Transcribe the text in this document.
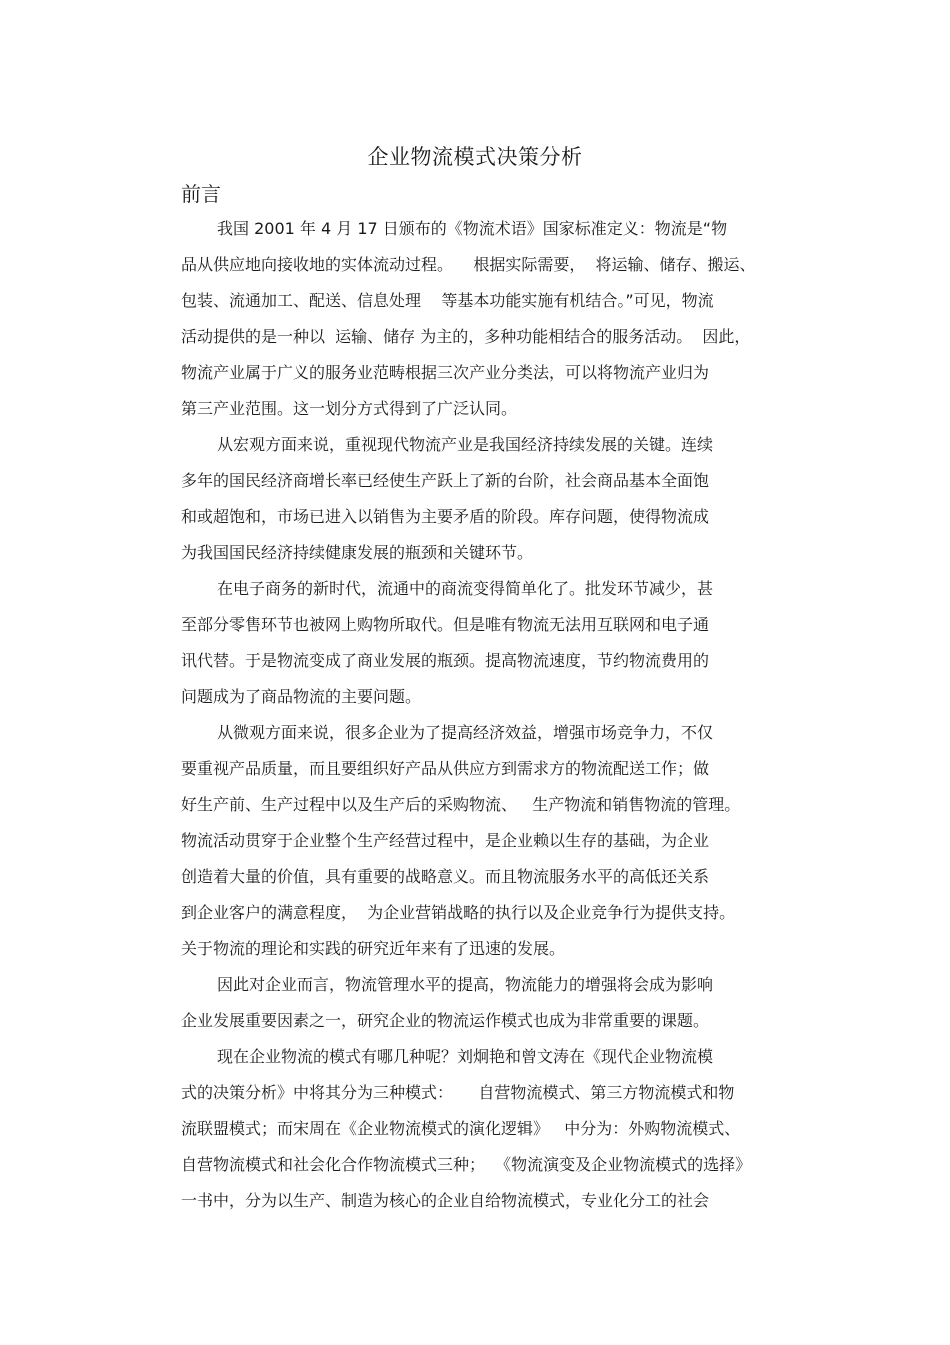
企业物流模式决策分析
前言
我国 2001 年 4 月 17 日颁布的《物流术语》国家标准定义：物流是“物
品从供应地向接收地的实体流动过程。    根据实际需要，  将运输、储存、搬运、
包装、流通加工、配送、信息处理    等基本功能实施有机结合。”可见，物流
活动提供的是一种以  运输、储存 为主的，多种功能相结合的服务活动。  因此，
物流产业属于广义的服务业范畴根据三次产业分类法，可以将物流产业归为
第三产业范围。这一划分方式得到了广泛认同。
从宏观方面来说，重视现代物流产业是我国经济持续发展的关键。连续
多年的国民经济商增长率已经使生产跃上了新的台阶，社会商品基本全面饱
和或超饱和，市场已进入以销售为主要矛盾的阶段。库存问题，使得物流成
为我国国民经济持续健康发展的瓶颈和关键环节。
在电子商务的新时代，流通中的商流变得简单化了。批发环节减少，甚
至部分零售环节也被网上购物所取代。但是唯有物流无法用互联网和电子通
讯代替。于是物流变成了商业发展的瓶颈。提高物流速度，节约物流费用的
问题成为了商品物流的主要问题。
从微观方面来说，很多企业为了提高经济效益，增强市场竞争力，不仅
要重视产品质量，而且要组织好产品从供应方到需求方的物流配送工作；做
好生产前、生产过程中以及生产后的采购物流、   生产物流和销售物流的管理。
物流活动贯穿于企业整个生产经营过程中，是企业赖以生存的基础，为企业
创造着大量的价值，具有重要的战略意义。而且物流服务水平的高低还关系
到企业客户的满意程度，  为企业营销战略的执行以及企业竞争行为提供支持。
关于物流的理论和实践的研究近年来有了迅速的发展。
因此对企业而言，物流管理水平的提高，物流能力的增强将会成为影响
企业发展重要因素之一，研究企业的物流运作模式也成为非常重要的课题。
现在企业物流的模式有哪几种呢？刘炯艳和曾文涛在《现代企业物流模
式的决策分析》中将其分为三种模式：     自营物流模式、第三方物流模式和物
流联盟模式；而宋周在《企业物流模式的演化逻辑》   中分为：外购物流模式、
自营物流模式和社会化合作物流模式三种；  《物流演变及企业物流模式的选择》
一书中，分为以生产、制造为核心的企业自给物流模式，专业化分工的社会
